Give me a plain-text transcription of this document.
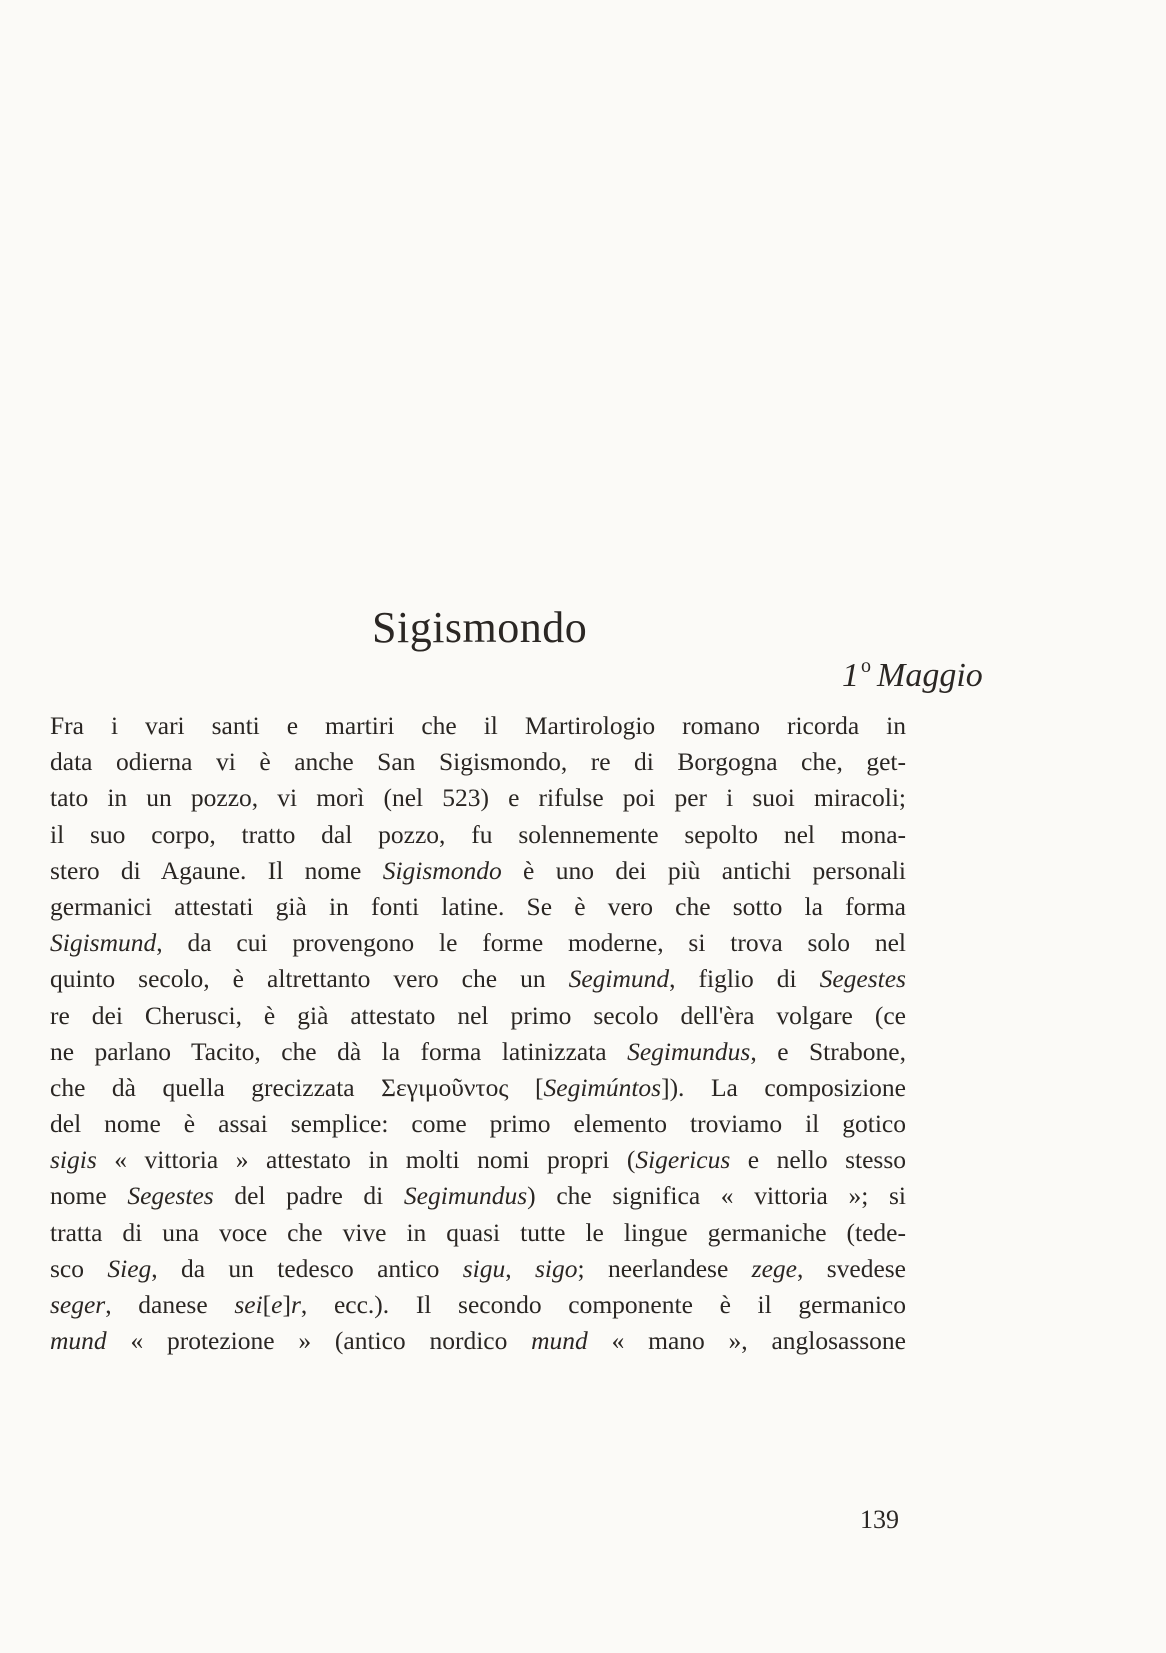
Sigismondo
1 $^o$ Maggio
Fra i vari santi e martiri che il Martirologio romano ricorda in
data odierna vi è anche San Sigismondo, re di Borgogna che, get-
tato in un pozzo, vi morì (nel 523) e rifulse poi per i suoi miracoli;
il suo corpo, tratto dal pozzo, fu solennemente sepolto nel mona-
stero di Agaune. Il nome Sigismondo è uno dei più antichi personali
germanici attestati già in fonti latine. Se è vero che sotto la forma
Sigismund, da cui provengono le forme moderne, si trova solo nel
quinto secolo, è altrettanto vero che un Segimund, figlio di Segestes
re dei Cherusci, è già attestato nel primo secolo dell'èra volgare (ce
ne parlano Tacito, che dà la forma latinizzata Segimundus, e Strabone,
che dà quella grecizzata Σεγιμοῦντος [Segimúntos]). La composizione
del nome è assai semplice: come primo elemento troviamo il gotico
sigis « vittoria » attestato in molti nomi propri (Sigericus e nello stesso
nome Segestes del padre di Segimundus) che significa « vittoria »; si
tratta di una voce che vive in quasi tutte le lingue germaniche (tede-
sco Sieg, da un tedesco antico sigu, sigo; neerlandese zege, svedese
seger, danese sei[e]r, ecc.). Il secondo componente è il germanico
mund « protezione » (antico nordico mund « mano », anglosassone
139
